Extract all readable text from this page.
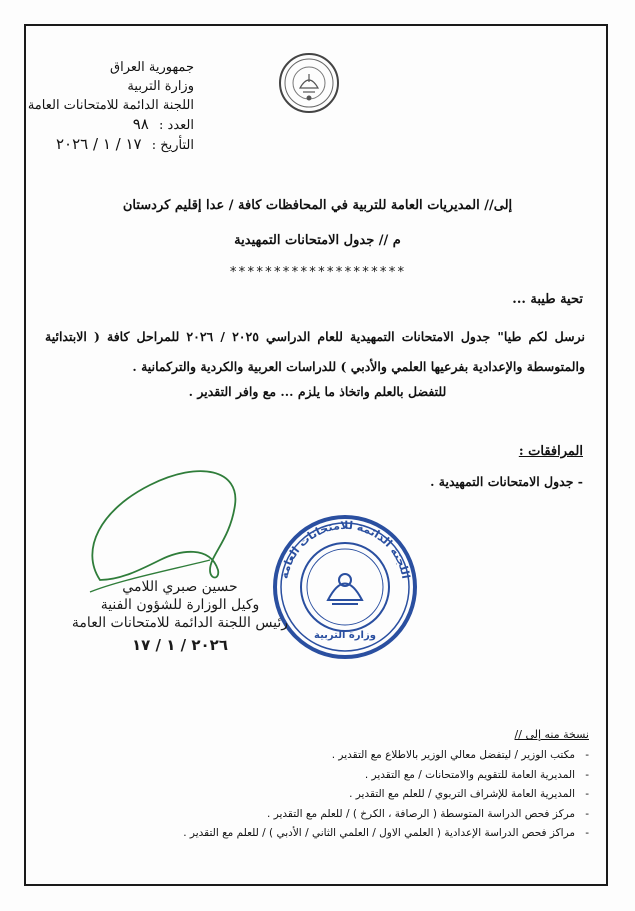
جمهورية العراق
وزارة التربية
اللجنة الدائمة للامتحانات العامة
العدد : ٩٨
التأريخ : ١٧ / ١ / ٢٠٢٦
إلى// المديريات العامة للتربية في المحافظات كافة / عدا إقليم كردستان
م // جدول الامتحانات التمهيدية
********************
تحية طيبة ...
نرسل لكم طيا" جدول الامتحانات التمهيدية للعام الدراسي ٢٠٢٥ / ٢٠٢٦ للمراحل كافة ( الابتدائية والمتوسطة والإعدادية بفرعيها العلمي والأدبي ) للدراسات العربية والكردية والتركمانية .
للتفضل بالعلم واتخاذ ما يلزم ... مع وافر التقدير .
المرافقات :
- جدول الامتحانات التمهيدية .
اللجنة الدائمة للامتحانات العامة
وزارة التربية
حسين صبري اللامي
وكيل الوزارة للشؤون الفنية
رئيس اللجنة الدائمة للامتحانات العامة
٢٠٢٦ / ١ / ١٧
نسخة منه إلى //
-مكتب الوزير / ليتفضل معالي الوزير بالاطلاع مع التقدير .
-المديرية العامة للتقويم والامتحانات / مع التقدير .
-المديرية العامة للإشراف التربوي / للعلم مع التقدير .
-مركز فحص الدراسة المتوسطة ( الرصافة ، الكرخ ) / للعلم مع التقدير .
-مراكز فحص الدراسة الإعدادية ( العلمي الاول / العلمي الثاني / الأدبي ) / للعلم مع التقدير .
